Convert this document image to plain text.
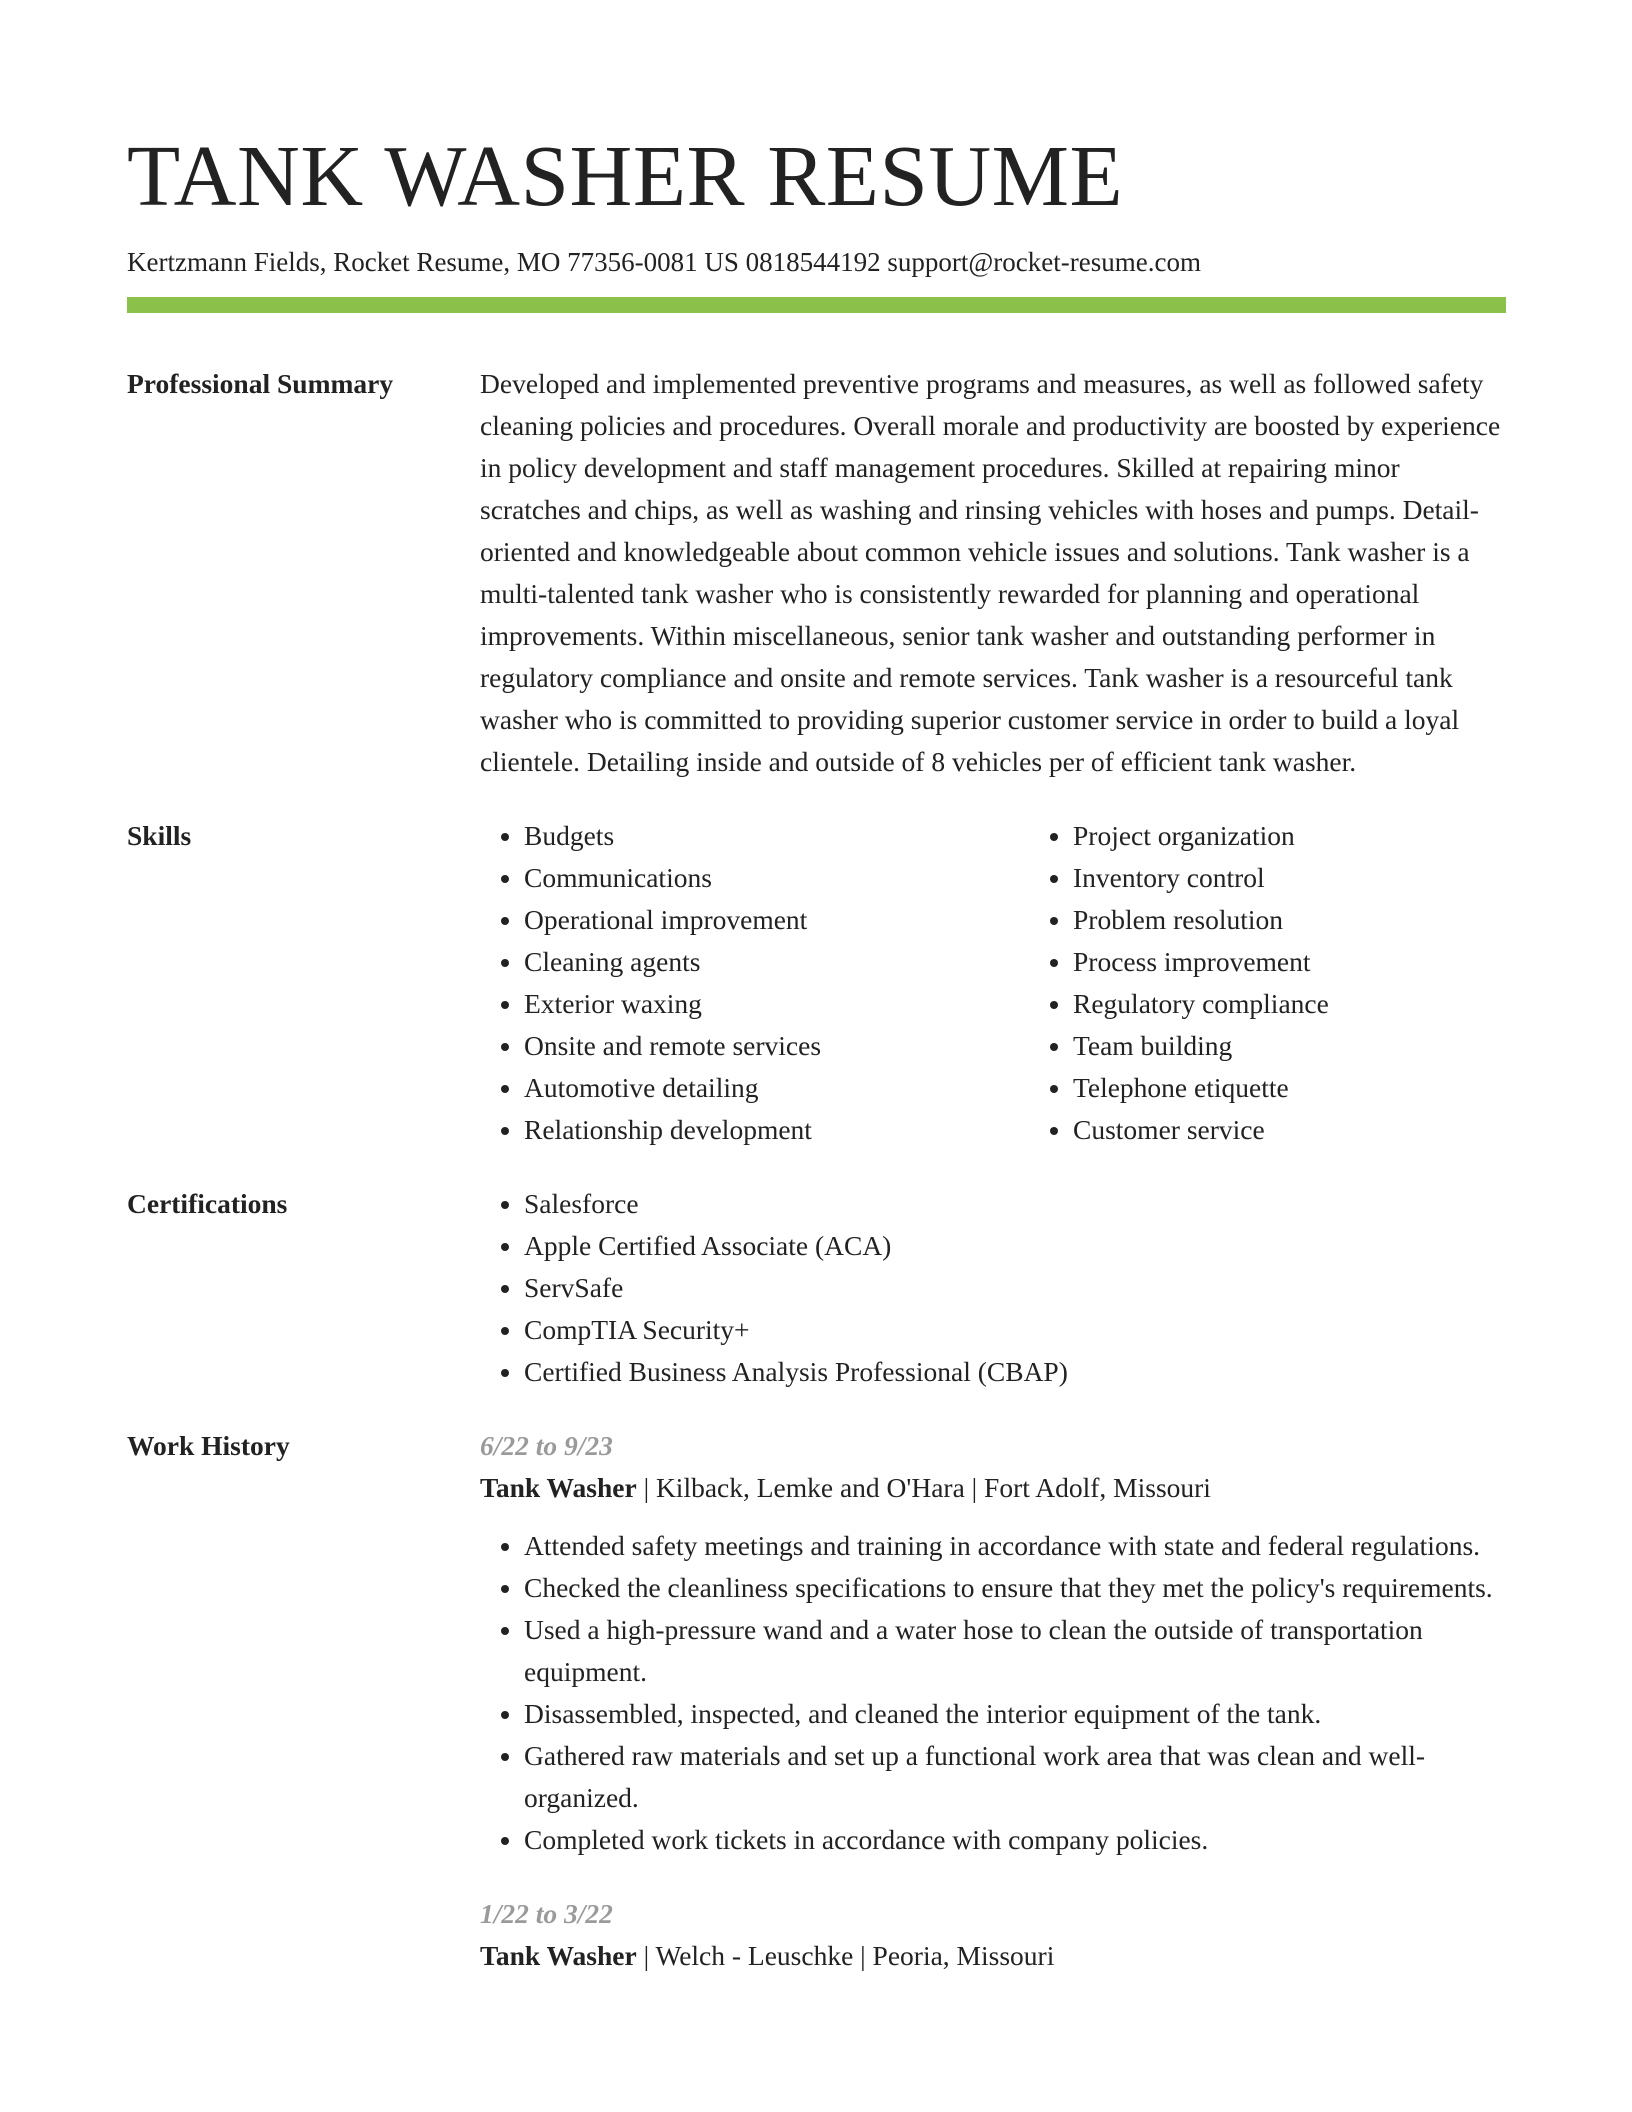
TANK WASHER RESUME
Kertzmann Fields, Rocket Resume, MO 77356-0081 US 0818544192 support@rocket-resume.com
Professional Summary	Developed and implemented preventive programs and measures, as well as followed safety cleaning policies and procedures. Overall morale and productivity are boosted by experience in policy development and staff management procedures. Skilled at repairing minor scratches and chips, as well as washing and rinsing vehicles with hoses and pumps. Detail-oriented and knowledgeable about common vehicle issues and solutions. Tank washer is a multi-talented tank washer who is consistently rewarded for planning and operational improvements. Within miscellaneous, senior tank washer and outstanding performer in regulatory compliance and onsite and remote services. Tank washer is a resourceful tank washer who is committed to providing superior customer service in order to build a loyal clientele. Detailing inside and outside of 8 vehicles per of efficient tank washer.
Skills	• Budgets
• Communications
• Operational improvement
• Cleaning agents
• Exterior waxing
• Onsite and remote services
• Automotive detailing
• Relationship development
• Project organization
• Inventory control
• Problem resolution
• Process improvement
• Regulatory compliance
• Team building
• Telephone etiquette
• Customer service
Certifications	• Salesforce
• Apple Certified Associate (ACA)
• ServSafe
• CompTIA Security+
• Certified Business Analysis Professional (CBAP)
Work History	6/22 to 9/23
Tank Washer | Kilback, Lemke and O'Hara | Fort Adolf, Missouri
• Attended safety meetings and training in accordance with state and federal regulations.
• Checked the cleanliness specifications to ensure that they met the policy's requirements.
• Used a high-pressure wand and a water hose to clean the outside of transportation equipment.
• Disassembled, inspected, and cleaned the interior equipment of the tank.
• Gathered raw materials and set up a functional work area that was clean and well-organized.
• Completed work tickets in accordance with company policies.
1/22 to 3/22
Tank Washer | Welch - Leuschke | Peoria, Missouri
